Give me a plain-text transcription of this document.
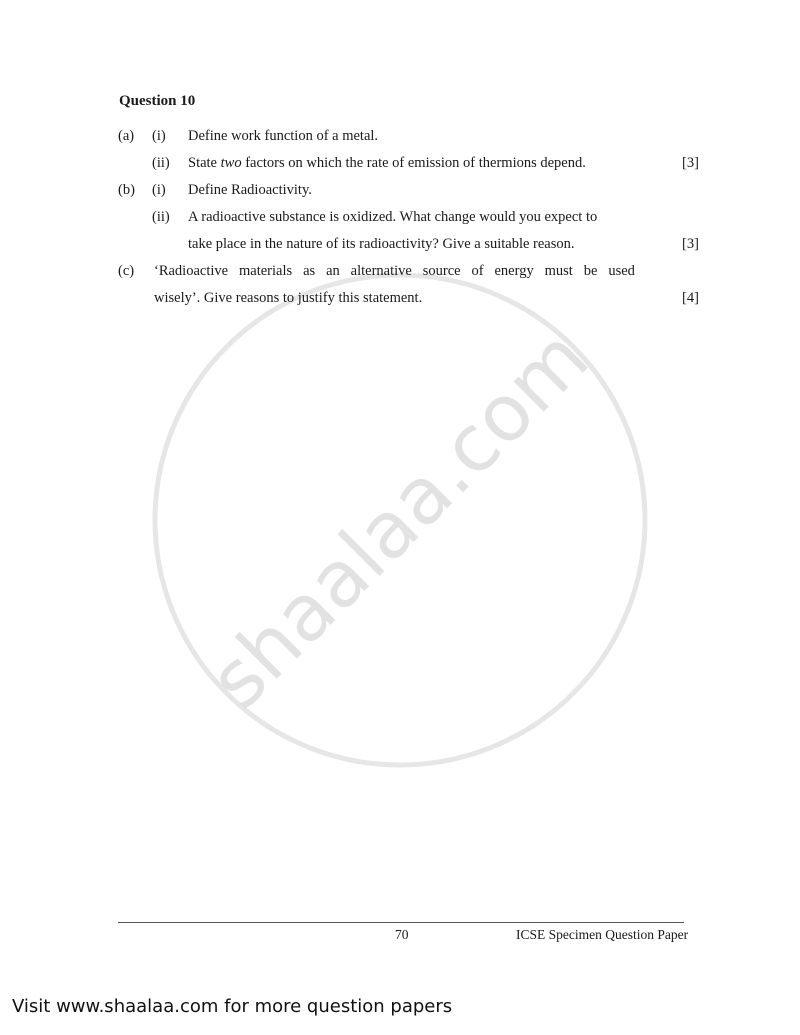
shaalaa.com
Question 10
(a) (i) Define work function of a metal.
(ii) State two factors on which the rate of emission of thermions depend.	[3]
(b) (i) Define Radioactivity.
(ii) A radioactive substance is oxidized. What change would you expect to
take place in the nature of its radioactivity? Give a suitable reason.	[3]
(c) ‘Radioactive materials as an alternative source of energy must be used
wisely’. Give reasons to justify this statement.	[4]
70	ICSE Specimen Question Paper
Visit www.shaalaa.com for more question papers
